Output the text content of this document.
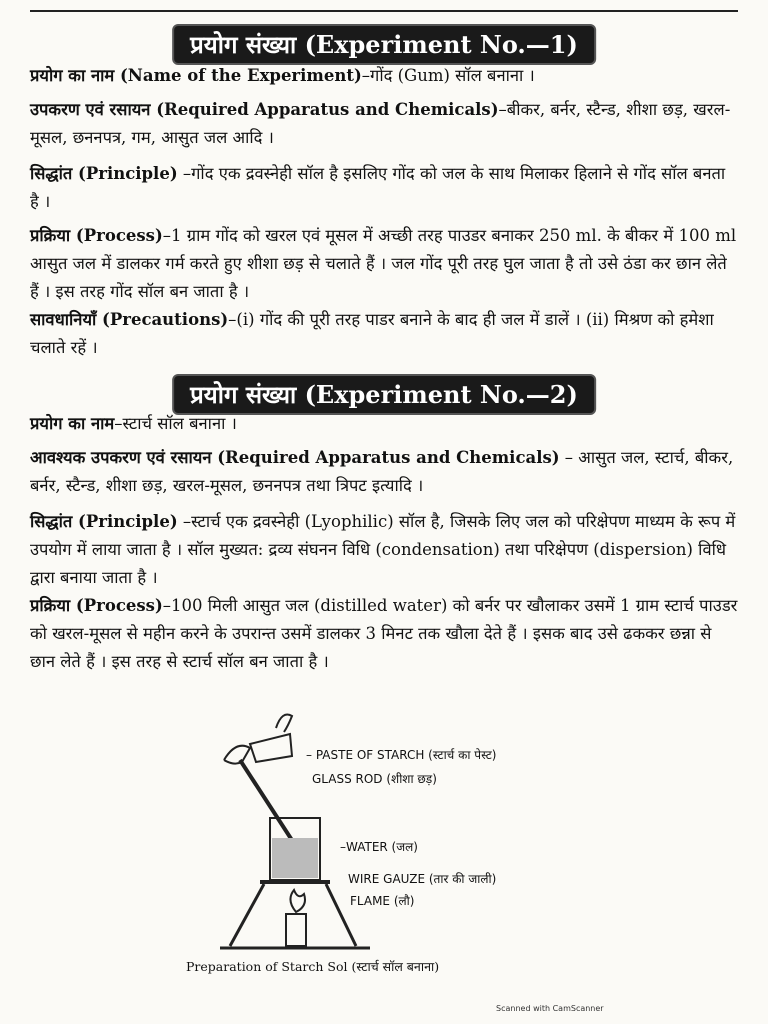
प्रयोग संख्या (Experiment No.—1)
प्रयोग का नाम (Name of the Experiment)–गोंद (Gum) सॉल बनाना ।
उपकरण एवं रसायन (Required Apparatus and Chemicals)–बीकर, बर्नर, स्टैन्ड, शीशा छड़, खरल-मूसल, छननपत्र, गम, आसुत जल आदि ।
सिद्धांत (Principle) –गोंद एक द्रवस्नेही सॉल है इसलिए गोंद को जल के साथ मिलाकर हिलाने से गोंद सॉल बनता है ।
प्रक्रिया (Process)–1 ग्राम गोंद को खरल एवं मूसल में अच्छी तरह पाउडर बनाकर 250 ml. के बीकर में 100 ml आसुत जल में डालकर गर्म करते हुए शीशा छड़ से चलाते हैं । जल गोंद पूरी तरह घुल जाता है तो उसे ठंडा कर छान लेते हैं । इस तरह गोंद सॉल बन जाता है ।
सावधानियाँ (Precautions)–(i) गोंद की पूरी तरह पाडर बनाने के बाद ही जल में डालें । (ii) मिश्रण को हमेशा चलाते रहें ।
प्रयोग संख्या (Experiment No.—2)
प्रयोग का नाम–स्टार्च सॉल बनाना ।
आवश्यक उपकरण एवं रसायन (Required Apparatus and Chemicals) – आसुत जल, स्टार्च, बीकर, बर्नर, स्टैन्ड, शीशा छड़, खरल-मूसल, छननपत्र तथा त्रिपट इत्यादि ।
सिद्धांत (Principle) –स्टार्च एक द्रवस्नेही (Lyophilic) सॉल है, जिसके लिए जल को परिक्षेपण माध्यम के रूप में उपयोग में लाया जाता है । सॉल मुख्यत: द्रव्य संघनन विधि (condensation) तथा परिक्षेपण (dispersion) विधि द्वारा बनाया जाता है ।
प्रक्रिया (Process)–100 मिली आसुत जल (distilled water) को बर्नर पर खौलाकर उसमें 1 ग्राम स्टार्च पाउडर को खरल-मूसल से महीन करने के उपरान्त उसमें डालकर 3 मिनट तक खौला देते हैं । इसक बाद उसे ढककर छन्ना से छान लेते हैं । इस तरह से स्टार्च सॉल बन जाता है ।
– PASTE OF STARCH (स्टार्च का पेस्ट)
GLASS ROD (शीशा छड़)
–WATER (जल)
WIRE GAUZE (तार की जाली)
FLAME (लौ)
Preparation of Starch Sol (स्टार्च सॉल बनाना)
Scanned with CamScanner
